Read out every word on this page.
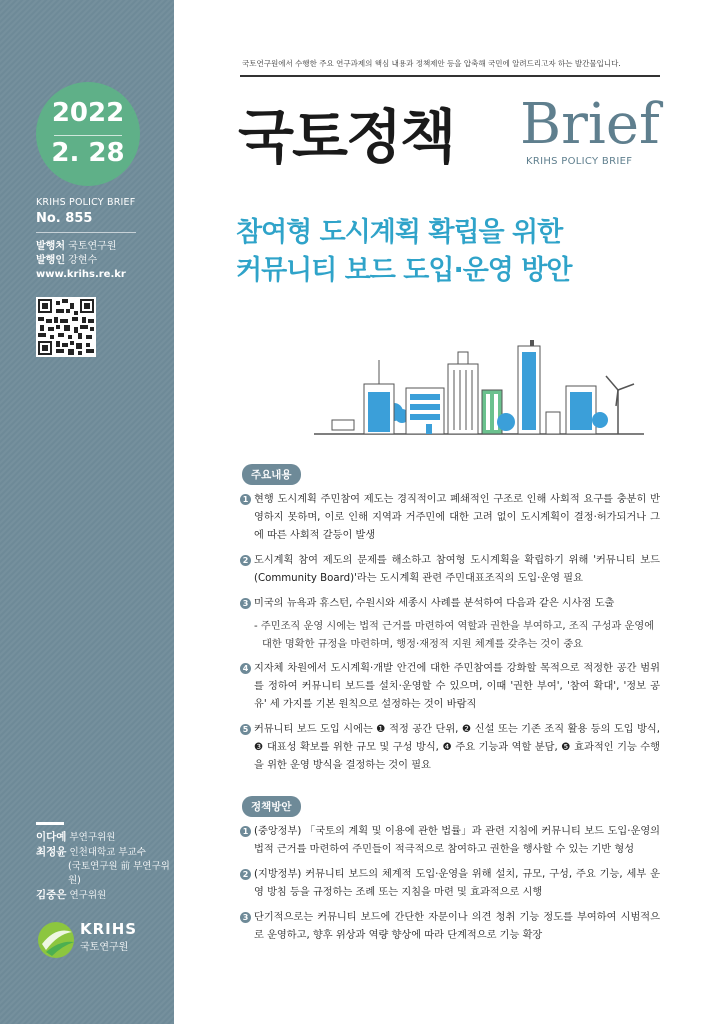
2022
2. 28
KRIHS POLICY BRIEF
No. 855
발행처 국토연구원
발행인 강현수
www.krihs.re.kr
이다예 부연구위원
최정윤 인천대학교 부교수
(국토연구원 前 부연구위원)
김중은 연구위원
KRIHS
국토연구원
국토연구원에서 수행한 주요 연구과제의 핵심 내용과 정책제안 등을 압축해 국민에 알려드리고자 하는 발간물입니다.
국토정책 Brief
KRIHS POLICY BRIEF
참여형 도시계획 확립을 위한
커뮤니티 보드 도입·운영 방안
주요내용
1 현행 도시계획 주민참여 제도는 경직적이고 폐쇄적인 구조로 인해 사회적 요구를 충분히 반영하지 못하며, 이로 인해 지역과 거주민에 대한 고려 없이 도시계획이 결정·허가되거나 그에 따른 사회적 갈등이 발생
2 도시계획 참여 제도의 문제를 해소하고 참여형 도시계획을 확립하기 위해 '커뮤니티 보드(Community Board)'라는 도시계획 관련 주민대표조직의 도입·운영 필요
3 미국의 뉴욕과 휴스턴, 수원시와 세종시 사례를 분석하여 다음과 같은 시사점 도출
- 주민조직 운영 시에는 법적 근거를 마련하여 역할과 권한을 부여하고, 조직 구성과 운영에 대한 명확한 규정을 마련하며, 행정·재정적 지원 체계를 갖추는 것이 중요
4 지자체 차원에서 도시계획·개발 안건에 대한 주민참여를 강화할 목적으로 적정한 공간 범위를 정하여 커뮤니티 보드를 설치·운영할 수 있으며, 이때 '권한 부여', '참여 확대', '정보 공유' 세 가지를 기본 원칙으로 설정하는 것이 바람직
5 커뮤니티 보드 도입 시에는 ❶ 적정 공간 단위, ❷ 신설 또는 기존 조직 활용 등의 도입 방식, ❸ 대표성 확보를 위한 규모 및 구성 방식, ❹ 주요 기능과 역할 분담, ❺ 효과적인 기능 수행을 위한 운영 방식을 결정하는 것이 필요
정책방안
1 (중앙정부) 「국토의 계획 및 이용에 관한 법률」과 관련 지침에 커뮤니티 보드 도입·운영의 법적 근거를 마련하여 주민들이 적극적으로 참여하고 권한을 행사할 수 있는 기반 형성
2 (지방정부) 커뮤니티 보드의 체계적 도입·운영을 위해 설치, 규모, 구성, 주요 기능, 세부 운영 방침 등을 규정하는 조례 또는 지침을 마련 및 효과적으로 시행
3 단기적으로는 커뮤니티 보드에 간단한 자문이나 의견 청취 기능 정도를 부여하여 시범적으로 운영하고, 향후 위상과 역량 향상에 따라 단계적으로 기능 확장
